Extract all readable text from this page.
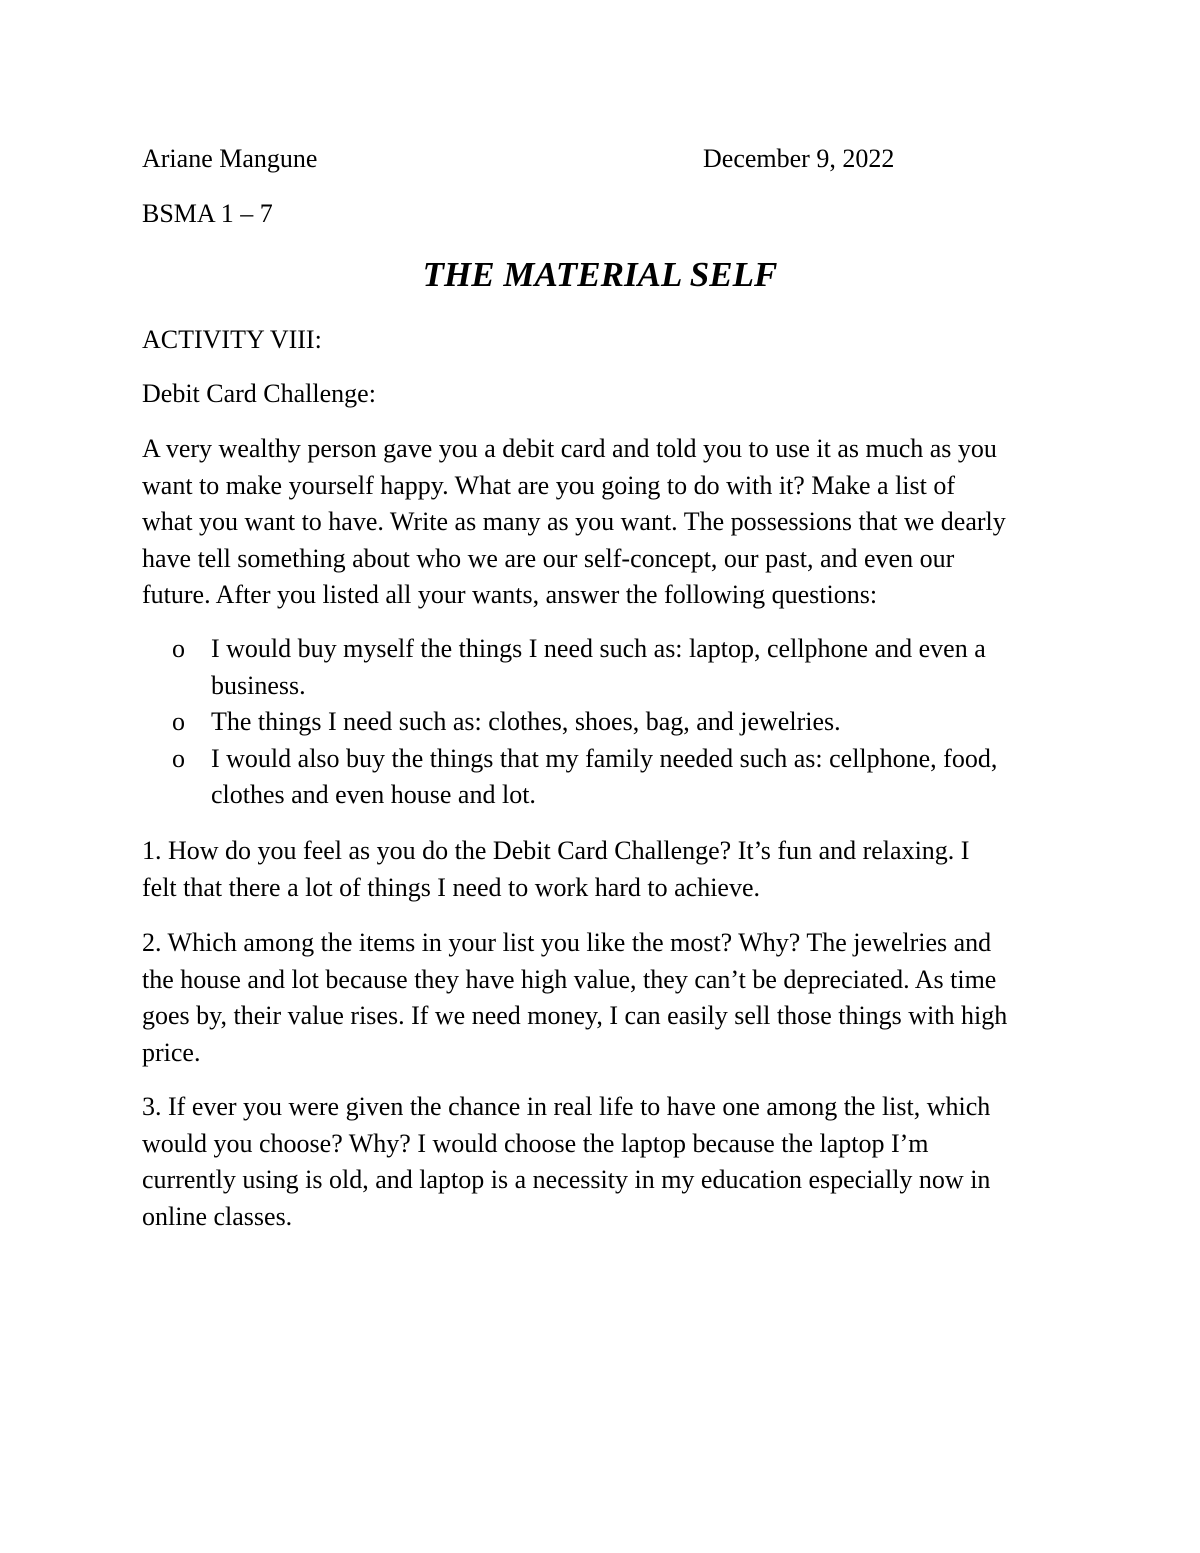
Ariane Mangune	December 9, 2022
BSMA 1 – 7
THE MATERIAL SELF
ACTIVITY VIII:
Debit Card Challenge:
A very wealthy person gave you a debit card and told you to use it as much as you
want to make yourself happy. What are you going to do with it? Make a list of
what you want to have. Write as many as you want. The possessions that we dearly
have tell something about who we are our self-concept, our past, and even our
future. After you listed all your wants, answer the following questions:
o I would buy myself the things I need such as: laptop, cellphone and even a
business.
o The things I need such as: clothes, shoes, bag, and jewelries.
o I would also buy the things that my family needed such as: cellphone, food,
clothes and even house and lot.
1. How do you feel as you do the Debit Card Challenge? It’s fun and relaxing. I
felt that there a lot of things I need to work hard to achieve.
2. Which among the items in your list you like the most? Why? The jewelries and
the house and lot because they have high value, they can’t be depreciated. As time
goes by, their value rises. If we need money, I can easily sell those things with high
price.
3. If ever you were given the chance in real life to have one among the list, which
would you choose? Why? I would choose the laptop because the laptop I’m
currently using is old, and laptop is a necessity in my education especially now in
online classes.
